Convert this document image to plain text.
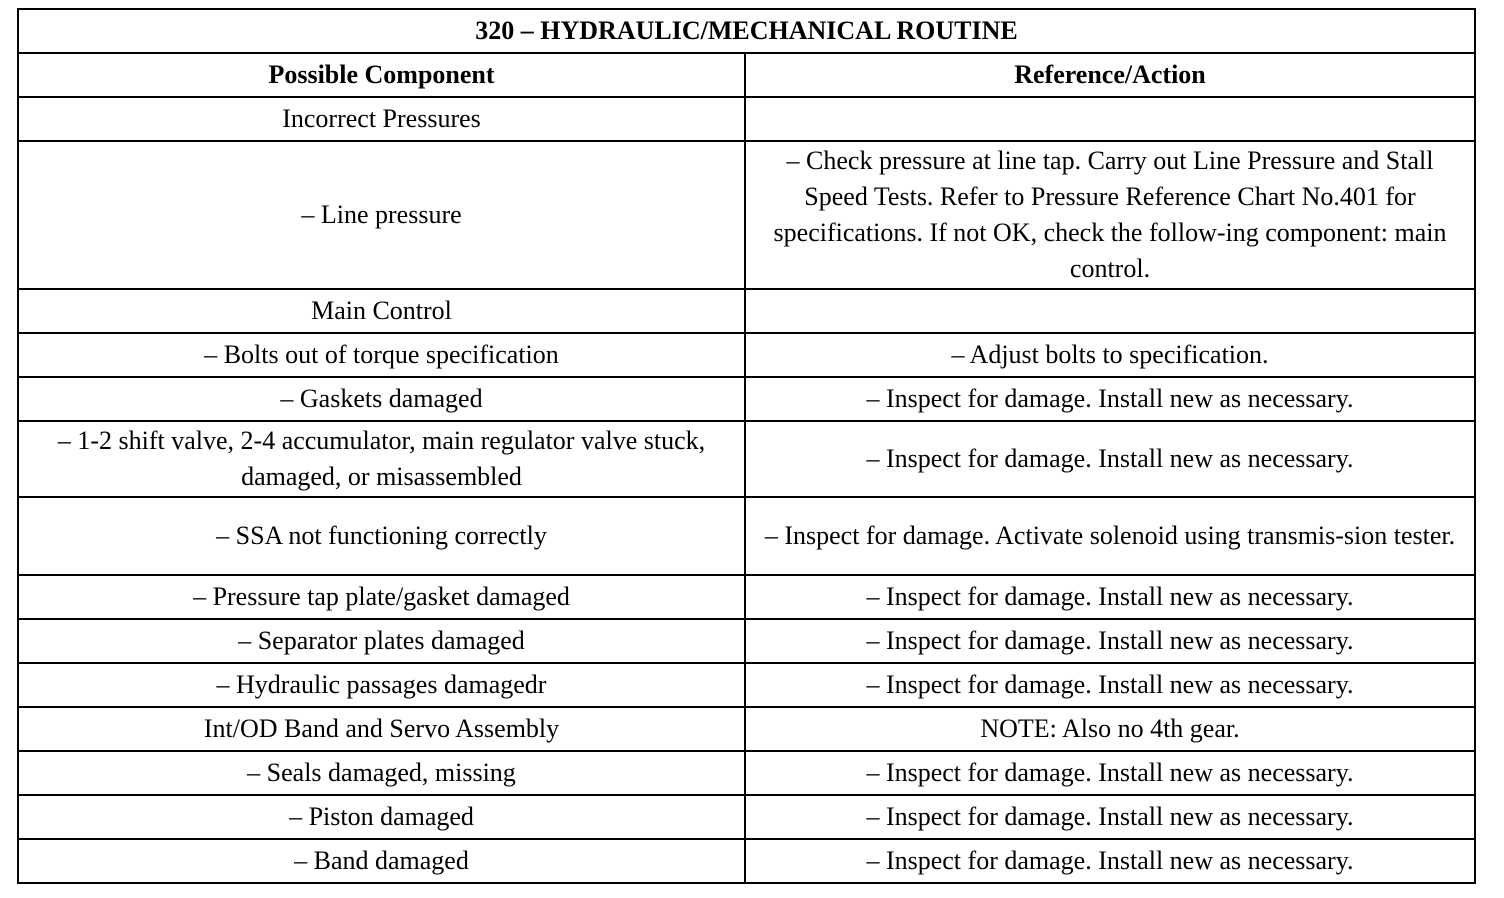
320 – HYDRAULIC/MECHANICAL ROUTINE	
Possible Component	Reference/Action
Incorrect Pressures	
– Line pressure	– Check pressure at line tap. Carry out Line Pressure and Stall Speed Tests. Refer to Pressure Reference Chart No.401 for specifications. If not OK, check the follow-ing component: main control.
Main Control	
– Bolts out of torque specification	– Adjust bolts to specification.
– Gaskets damaged	– Inspect for damage. Install new as necessary.
– 1-2 shift valve, 2-4 accumulator, main regulator valve stuck, damaged, or misassembled	– Inspect for damage. Install new as necessary.
– SSA not functioning correctly	– Inspect for damage. Activate solenoid using transmis-sion tester.
– Pressure tap plate/gasket damaged	– Inspect for damage. Install new as necessary.
– Separator plates damaged	– Inspect for damage. Install new as necessary.
– Hydraulic passages damagedr	– Inspect for damage. Install new as necessary.
Int/OD Band and Servo Assembly	NOTE: Also no 4th gear.
– Seals damaged, missing	– Inspect for damage. Install new as necessary.
– Piston damaged	– Inspect for damage. Install new as necessary.
– Band damaged	– Inspect for damage. Install new as necessary.
